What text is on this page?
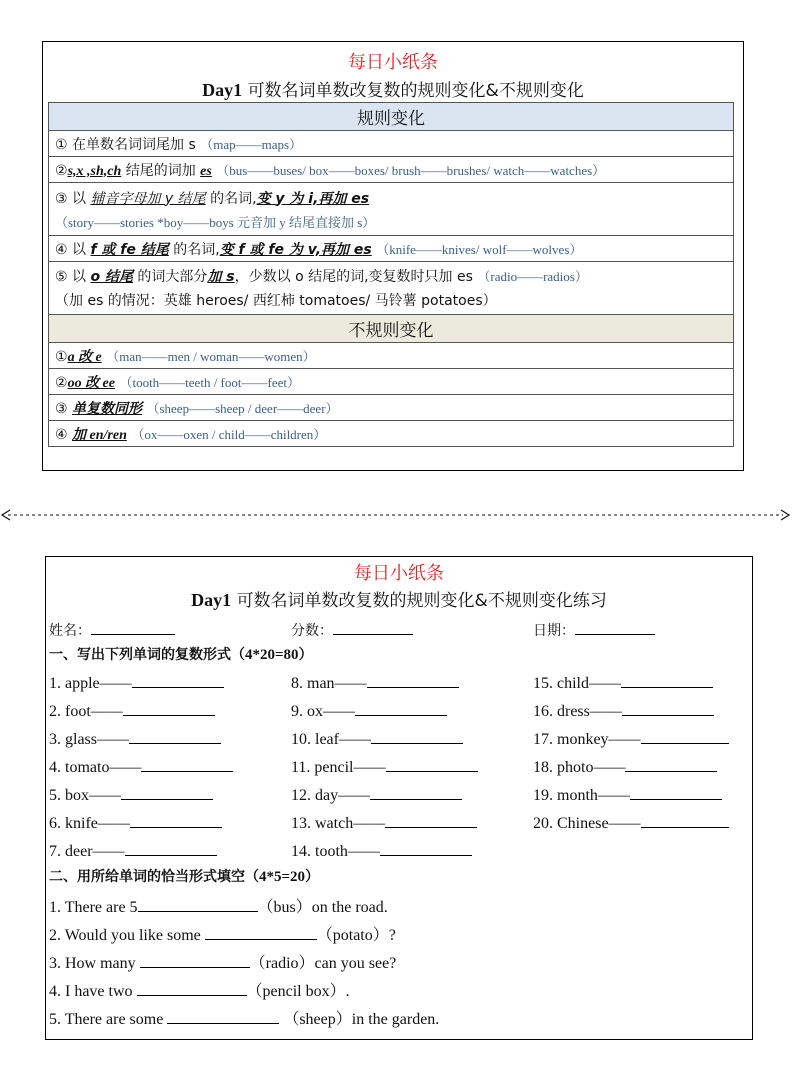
每日小纸条
Day1 可数名词单数改复数的规则变化&不规则变化
规则变化
① 在单数名词词尾加 s （map——maps）
②s,x ,sh,ch 结尾的词加 es （bus——buses/ box——boxes/ brush——brushes/ watch——watches）
③ 以 辅音字母加 y 结尾 的名词,变 y 为 i,再加 es
（story——stories *boy——boys 元音加 y 结尾直接加 s）

④ 以 f 或 fe 结尾 的名词,变 f 或 fe 为 v,再加 es （knife——knives/ wolf——wolves）
⑤ 以 o 结尾 的词大部分加 s，少数以 o 结尾的词,变复数时只加 es （radio——radios）
（加 es 的情况：英雄 heroes/ 西红柿 tomatoes/ 马铃薯 potatoes）

不规则变化
①a 改 e （man——men / woman——women）
②oo 改 ee （tooth——teeth / foot——feet）
③ 单复数同形 （sheep——sheep / deer——deer）
④ 加 en/ren （ox——oxen / child——children）
每日小纸条
Day1 可数名词单数改复数的规则变化&不规则变化练习
姓名：	分数：	日期：
一、写出下列单词的复数形式（4*20=80）
1. apple——
2. foot——
3. glass——
4. tomato——
5. box——
6. knife——
7. deer——
8. man——
9. ox——
10. leaf——
11. pencil——
12. day——
13. watch——
14. tooth——
15. child——
16. dress——
17. monkey——
18. photo——
19. month——
20. Chinese——
二、用所给单词的恰当形式填空（4*5=20）
1. There are 5	（bus）on the road.
2. Would you like some	（potato）?
3. How many	（radio）can you see?
4. I have two	（pencil box）.
5. There are some	（sheep）in the garden.
